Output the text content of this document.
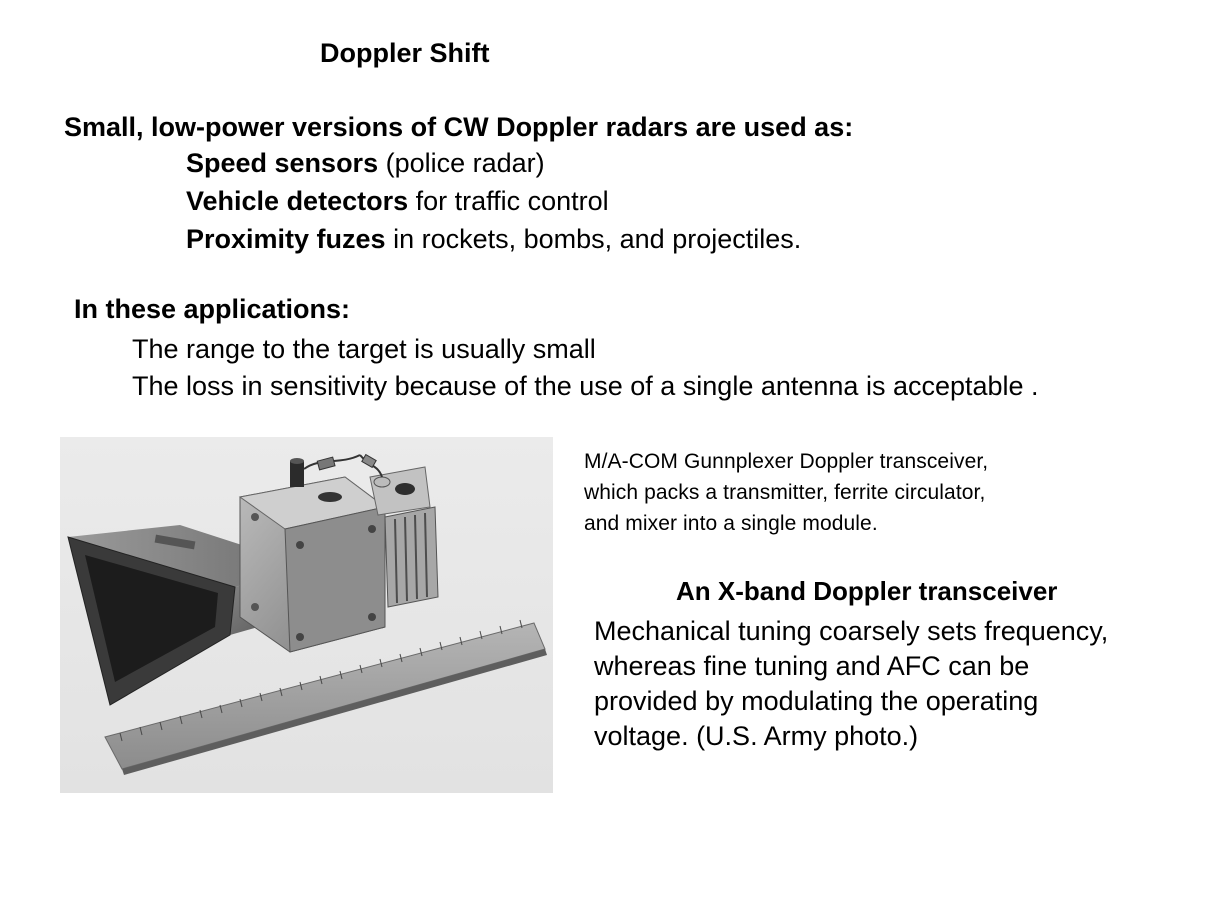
Doppler Shift
Small, low-power versions of CW Doppler radars are used as:
Speed sensors (police radar)
Vehicle detectors for traffic control
Proximity fuzes in rockets, bombs, and projectiles.
In these applications:
The range to the target is usually small
The loss in sensitivity because of the use of a single antenna is acceptable .
M/A-COM Gunnplexer Doppler transceiver,
which packs a transmitter, ferrite circulator,
and mixer into a single module.
An X-band Doppler transceiver
Mechanical tuning coarsely sets frequency,
whereas fine tuning and AFC can be
provided by modulating the operating
voltage. (U.S. Army photo.)
